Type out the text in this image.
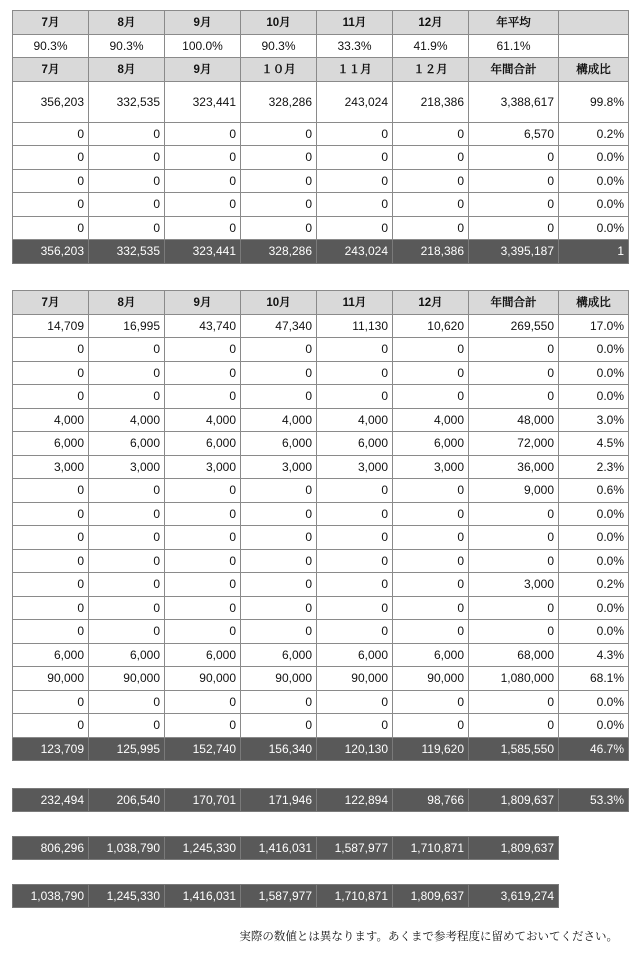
7月	8月	9月	10月	11月	12月	年平均	
90.3%	90.3%	100.0%	90.3%	33.3%	41.9%	61.1%	
7月	8月	9月	１０月	１１月	１２月	年間合計	構成比
356,203	332,535	323,441	328,286	243,024	218,386	3,388,617	99.8%
0	0	0	0	0	0	6,570	0.2%
0	0	0	0	0	0	0	0.0%
0	0	0	0	0	0	0	0.0%
0	0	0	0	0	0	0	0.0%
0	0	0	0	0	0	0	0.0%
356,203	332,535	323,441	328,286	243,024	218,386	3,395,187	1
7月	8月	9月	10月	11月	12月	年間合計	構成比
14,709	16,995	43,740	47,340	11,130	10,620	269,550	17.0%
0	0	0	0	0	0	0	0.0%
0	0	0	0	0	0	0	0.0%
0	0	0	0	0	0	0	0.0%
4,000	4,000	4,000	4,000	4,000	4,000	48,000	3.0%
6,000	6,000	6,000	6,000	6,000	6,000	72,000	4.5%
3,000	3,000	3,000	3,000	3,000	3,000	36,000	2.3%
0	0	0	0	0	0	9,000	0.6%
0	0	0	0	0	0	0	0.0%
0	0	0	0	0	0	0	0.0%
0	0	0	0	0	0	0	0.0%
0	0	0	0	0	0	3,000	0.2%
0	0	0	0	0	0	0	0.0%
0	0	0	0	0	0	0	0.0%
6,000	6,000	6,000	6,000	6,000	6,000	68,000	4.3%
90,000	90,000	90,000	90,000	90,000	90,000	1,080,000	68.1%
0	0	0	0	0	0	0	0.0%
0	0	0	0	0	0	0	0.0%
123,709	125,995	152,740	156,340	120,130	119,620	1,585,550	46.7%
232,494	206,540	170,701	171,946	122,894	98,766	1,809,637	53.3%
806,296	1,038,790	1,245,330	1,416,031	1,587,977	1,710,871	1,809,637
1,038,790	1,245,330	1,416,031	1,587,977	1,710,871	1,809,637	3,619,274
実際の数値とは異なります。あくまで参考程度に留めておいてください。
